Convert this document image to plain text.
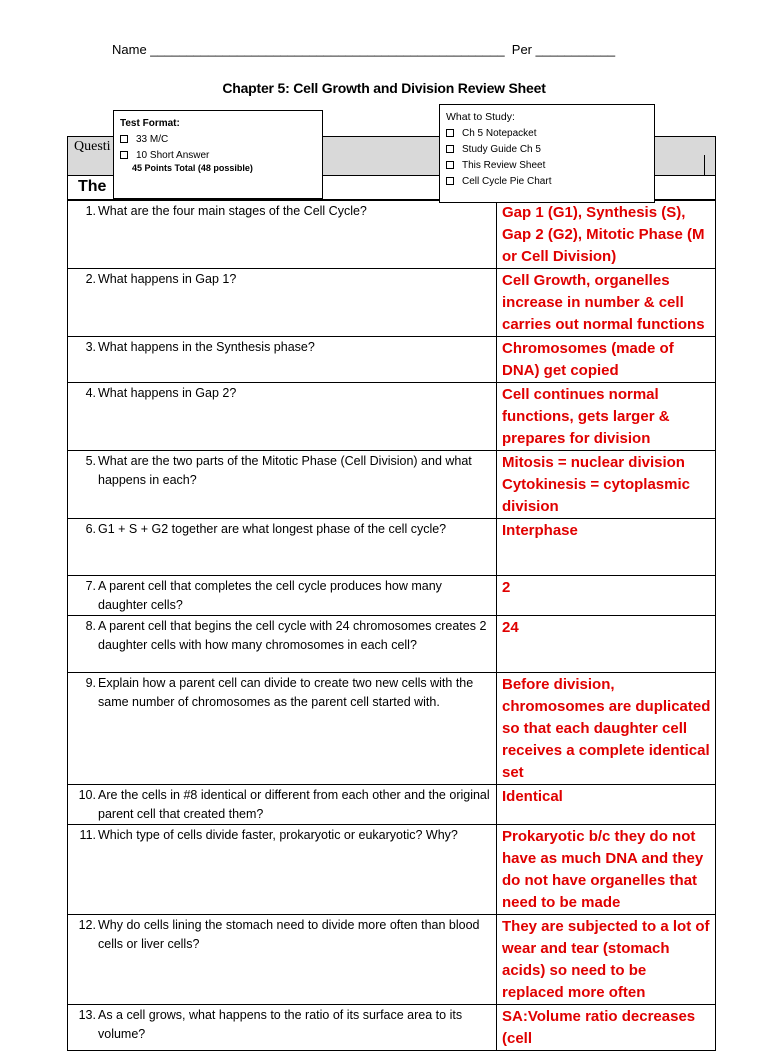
Name _________________________________________________  Per ___________
Chapter 5: Cell Growth and Division Review Sheet
Questi
The
Test Format:
33 M/C
10 Short Answer
45 Points Total (48 possible)
What to Study:
Ch 5 Notepacket
Study Guide Ch 5
This Review Sheet
Cell Cycle Pie Chart
1. What are the four main stages of the Cell Cycle?	Gap 1 (G1), Synthesis (S), Gap 2 (G2), Mitotic Phase (M or Cell Division)

2. What happens in Gap 1?	Cell Growth, organelles increase in number & cell carries out normal functions

3. What happens in the Synthesis phase?	Chromosomes (made of DNA) get copied

4. What happens in Gap 2?	Cell continues normal functions, gets larger & prepares for division

5. What are the two parts of the Mitotic Phase (Cell Division) and what happens in each?	Mitosis = nuclear division Cytokinesis = cytoplasmic division

6. G1 + S + G2 together are what longest phase of the cell cycle?	Interphase

7. A parent cell that completes the cell cycle produces how many daughter cells?	2

8. A parent cell that begins the cell cycle with 24 chromosomes creates 2 daughter cells with how many chromosomes in each cell?	24

9. Explain how a parent cell can divide to create two new cells with the same number of chromosomes as the parent cell started with.	Before division, chromosomes are duplicated so that each daughter cell receives a complete identical set

10. Are the cells in #8 identical or different from each other and the original parent cell that created them?	Identical

11. Which type of cells divide faster, prokaryotic or eukaryotic? Why?	Prokaryotic b/c they do not have as much DNA and they do not have organelles that need to be made

12. Why do cells lining the stomach need to divide more often than blood cells or liver cells?	They are subjected to a lot of wear and tear (stomach acids) so need to be replaced more often

13. As a cell grows, what happens to the ratio of its surface area to its volume?	SA:Volume ratio decreases (cell
